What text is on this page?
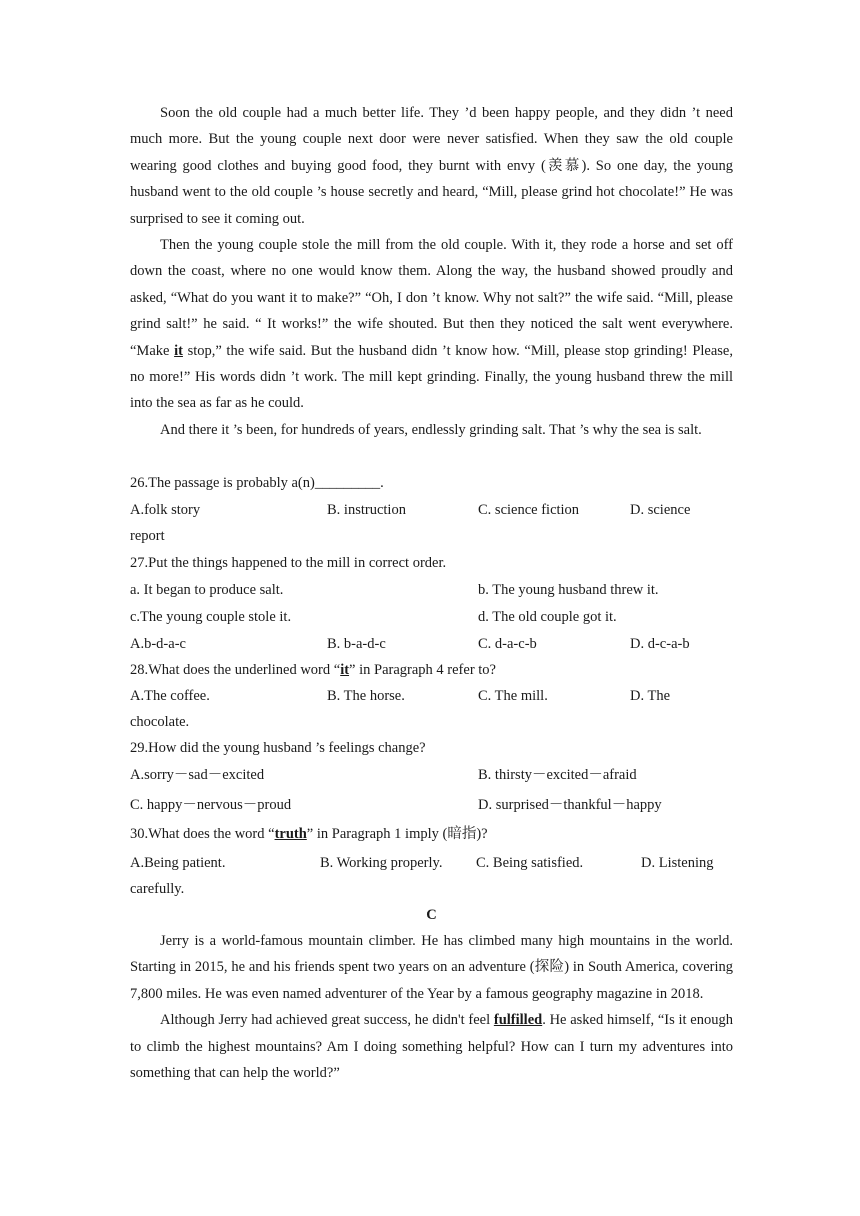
Soon the old couple had a much better life. They ’d been happy people, and they didn ’t need much more. But the young couple next door were never satisfied. When they saw the old couple wearing good clothes and buying good food, they burnt with envy (羡慕). So one day, the young husband went to the old couple ’s house secretly and heard, “Mill, please grind hot chocolate!” He was surprised to see it coming out.

Then the young couple stole the mill from the old couple. With it, they rode a horse and set off down the coast, where no one would know them. Along the way, the husband showed proudly and asked, “What do you want it to make?” “Oh, I don ’t know. Why not salt?” the wife said. “Mill, please grind salt!” he said. “ It works!” the wife shouted. But then they noticed the salt went everywhere. “Make it stop,” the wife said. But the husband didn ’t know how. “Mill, please stop grinding! Please, no more!” His words didn ’t work. The mill kept grinding. Finally, the young husband threw the mill into the sea as far as he could.

And there it ’s been, for hundreds of years, endlessly grinding salt. That ’s why the sea is salt.

26.The passage is probably a(n)_________.
A.folk story	B. instruction	C. science fiction	D. science
report
27.Put the things happened to the mill in correct order.
a. It began to produce salt.	b. The young husband threw it.
c.The young couple stole it.	d. The old couple got it.
A.b-d-a-c	B. b-a-d-c	C. d-a-c-b	D. d-c-a-b
28.What does the underlined word “it” in Paragraph 4 refer to?
A.The coffee.	B. The horse.	C. The mill.	D. The
chocolate.
29.How did the young husband ’s feelings change?
A.sorry－sad－excited	B. thirsty－excited－afraid
C. happy－nervous－proud	D. surprised－thankful－happy
30.What does the word “truth” in Paragraph 1 imply (暗指)?
A.Being patient.	B. Working properly. C. Being satisfied.	D. Listening
carefully.
C

Jerry is a world-famous mountain climber. He has climbed many high mountains in the world. Starting in 2015, he and his friends spent two years on an adventure (探险) in South America, covering 7,800 miles. He was even named adventurer of the Year by a famous geography magazine in 2018.

Although Jerry had achieved great success, he didn't feel fulfilled. He asked himself, “Is it enough to climb the highest mountains? Am I doing something helpful? How can I turn my adventures into something that can help the world?”
